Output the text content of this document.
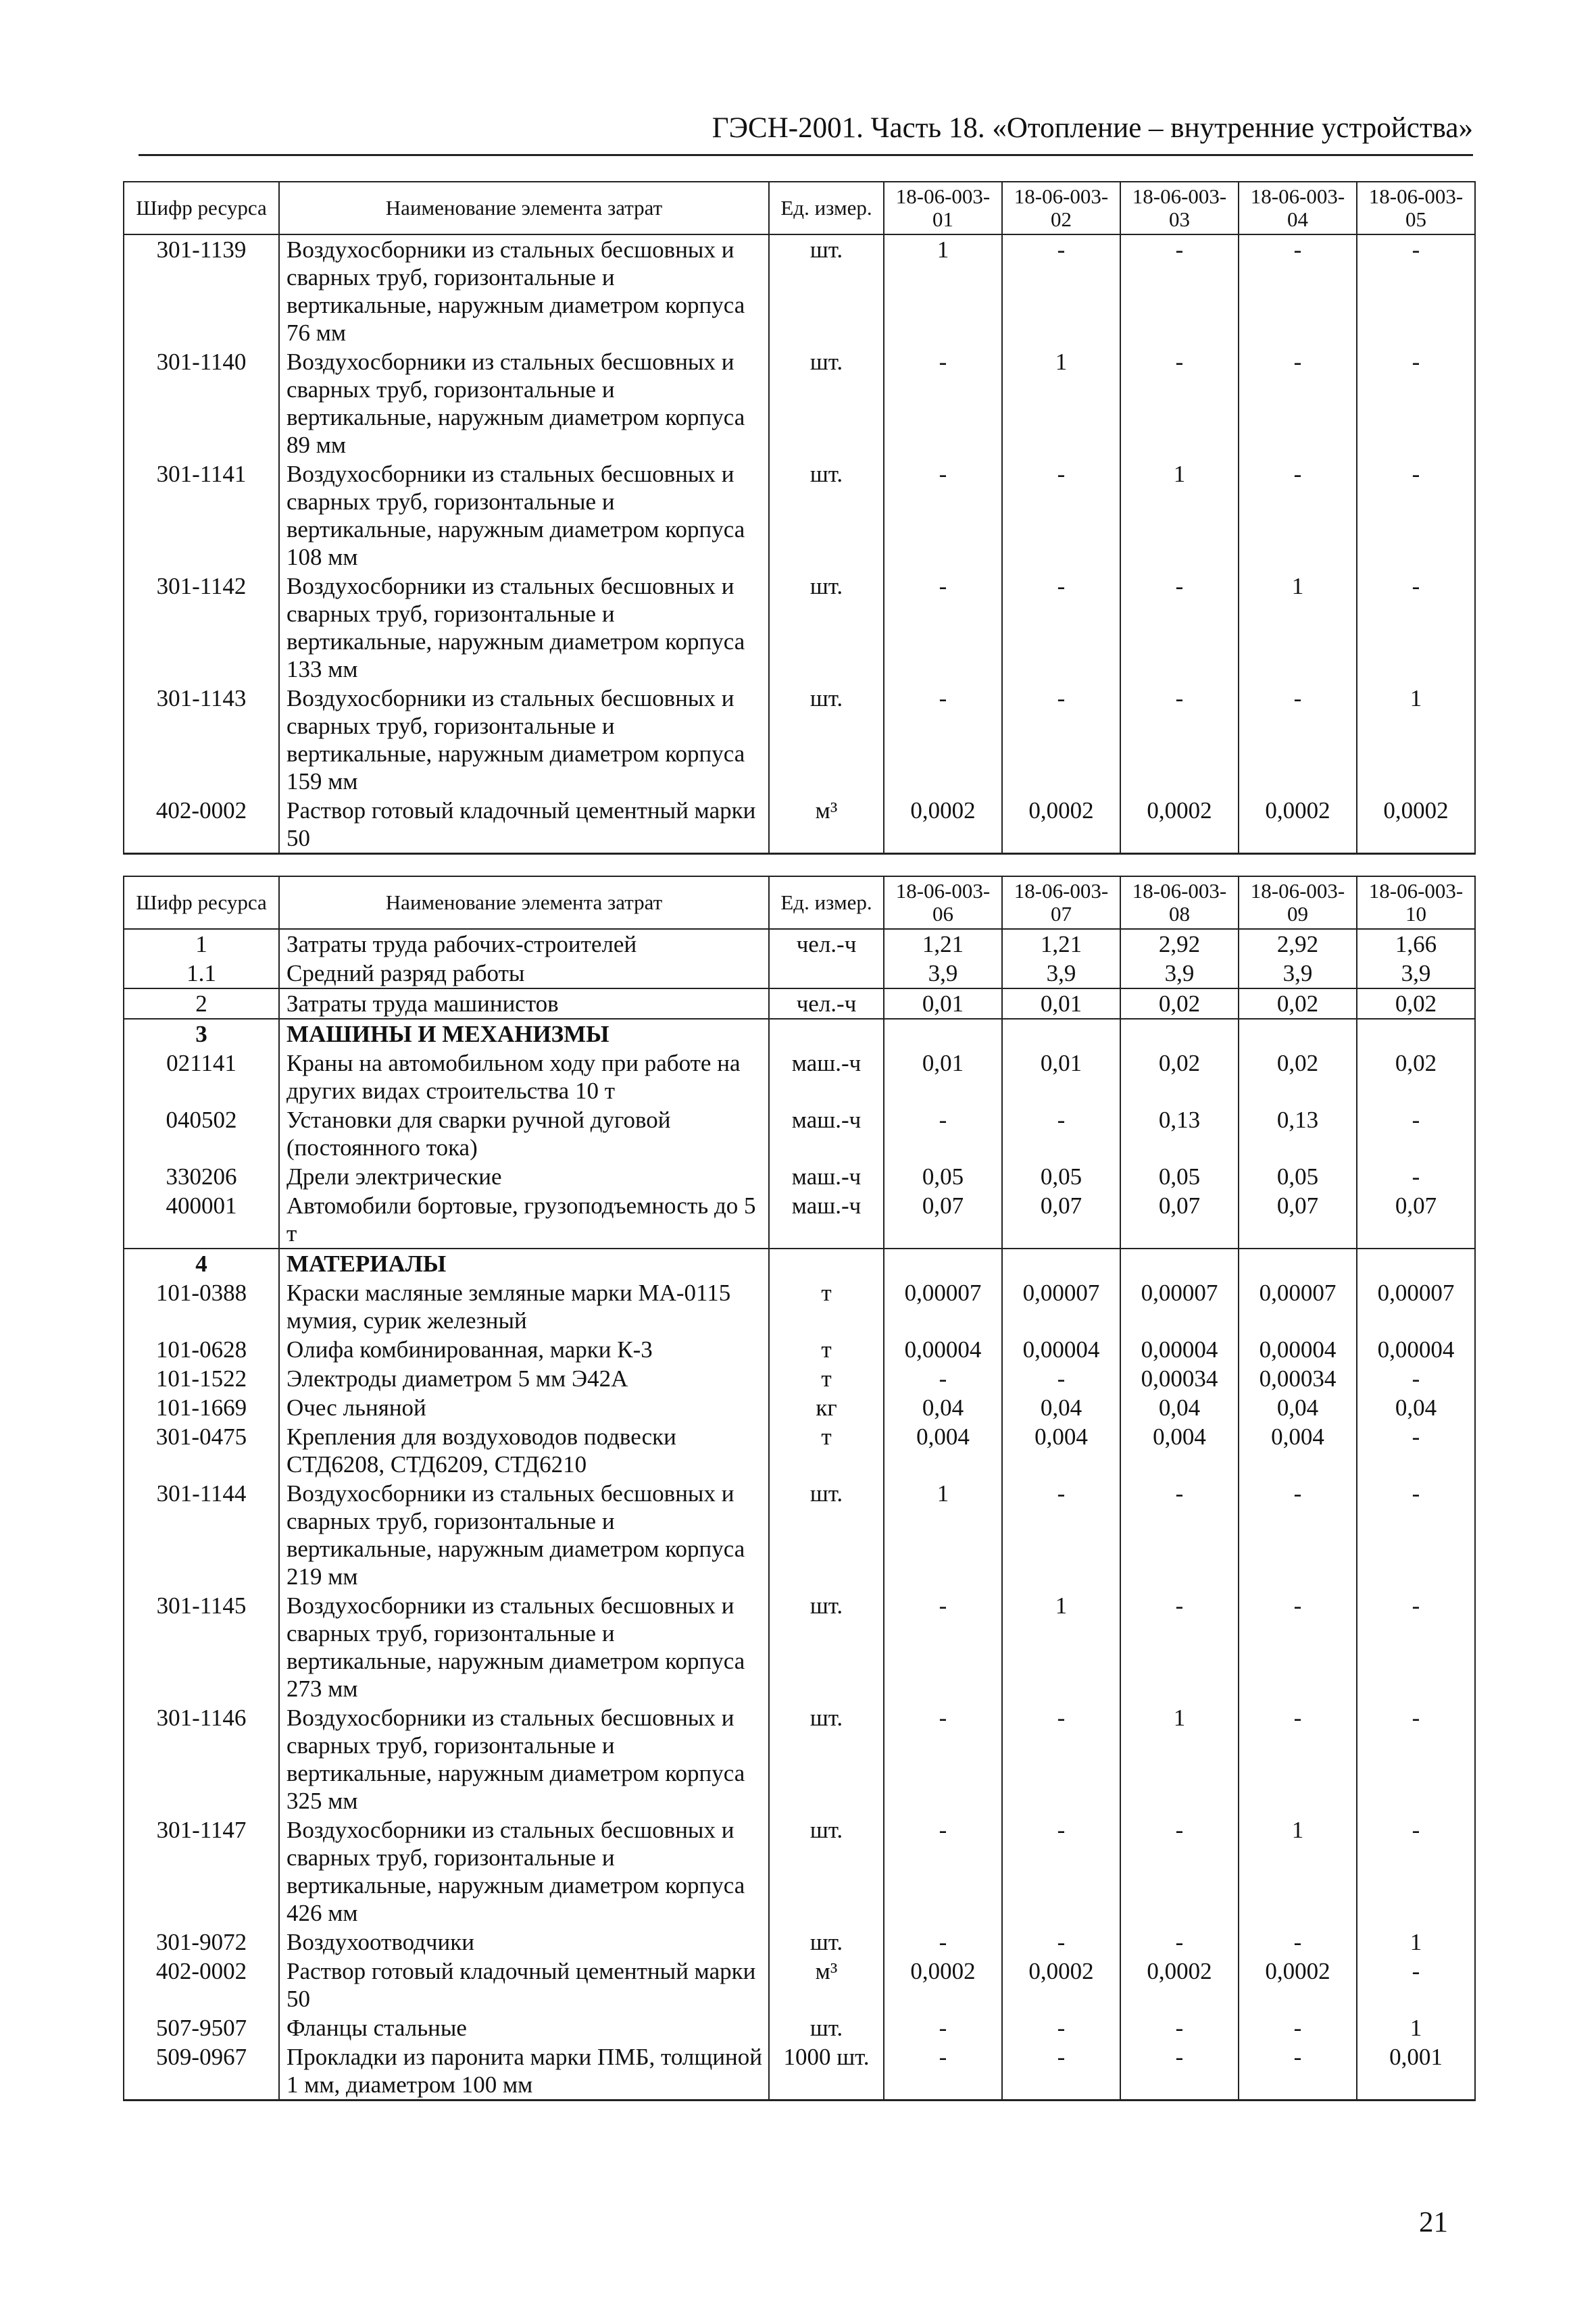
ГЭСН-2001. Часть 18. «Отопление – внутренние устройства»
Шифр ресурса	Наименование элемента затрат	Ед. измер.	18-06-003-01	18-06-003-02	18-06-003-03	18-06-003-04	18-06-003-05
301-1139	Воздухосборники из стальных бесшовных и сварных труб, горизонтальные и вертикальные, наружным диаметром корпуса 76 мм	шт.	1	-	-	-	-
301-1140	Воздухосборники из стальных бесшовных и сварных труб, горизонтальные и вертикальные, наружным диаметром корпуса 89 мм	шт.	-	1	-	-	-
301-1141	Воздухосборники из стальных бесшовных и сварных труб, горизонтальные и вертикальные, наружным диаметром корпуса 108 мм	шт.	-	-	1	-	-
301-1142	Воздухосборники из стальных бесшовных и сварных труб, горизонтальные и вертикальные, наружным диаметром корпуса 133 мм	шт.	-	-	-	1	-
301-1143	Воздухосборники из стальных бесшовных и сварных труб, горизонтальные и вертикальные, наружным диаметром корпуса 159 мм	шт.	-	-	-	-	1
402-0002	Раствор готовый кладочный цементный марки 50	м³	0,0002	0,0002	0,0002	0,0002	0,0002
Шифр ресурса	Наименование элемента затрат	Ед. измер.	18-06-003-06	18-06-003-07	18-06-003-08	18-06-003-09	18-06-003-10
1	Затраты труда рабочих-строителей	чел.-ч	1,21	1,21	2,92	2,92	1,66
1.1	Средний разряд работы		3,9	3,9	3,9	3,9	3,9
2	Затраты труда машинистов	чел.-ч	0,01	0,01	0,02	0,02	0,02
3	МАШИНЫ И МЕХАНИЗМЫ						
021141	Краны на автомобильном ходу при работе на других видах строительства 10 т	маш.-ч	0,01	0,01	0,02	0,02	0,02
040502	Установки для сварки ручной дуговой (постоянного тока)	маш.-ч	-	-	0,13	0,13	-
330206	Дрели электрические	маш.-ч	0,05	0,05	0,05	0,05	-
400001	Автомобили бортовые, грузоподъемность до 5 т	маш.-ч	0,07	0,07	0,07	0,07	0,07
4	МАТЕРИАЛЫ						
101-0388	Краски масляные земляные марки МА-0115 мумия, сурик железный	т	0,00007	0,00007	0,00007	0,00007	0,00007
101-0628	Олифа комбинированная, марки К-3	т	0,00004	0,00004	0,00004	0,00004	0,00004
101-1522	Электроды диаметром 5 мм Э42А	т	-	-	0,00034	0,00034	-
101-1669	Очес льняной	кг	0,04	0,04	0,04	0,04	0,04
301-0475	Крепления для воздуховодов подвески СТД6208, СТД6209, СТД6210	т	0,004	0,004	0,004	0,004	-
301-1144	Воздухосборники из стальных бесшовных и сварных труб, горизонтальные и вертикальные, наружным диаметром корпуса 219 мм	шт.	1	-	-	-	-
301-1145	Воздухосборники из стальных бесшовных и сварных труб, горизонтальные и вертикальные, наружным диаметром корпуса 273 мм	шт.	-	1	-	-	-
301-1146	Воздухосборники из стальных бесшовных и сварных труб, горизонтальные и вертикальные, наружным диаметром корпуса 325 мм	шт.	-	-	1	-	-
301-1147	Воздухосборники из стальных бесшовных и сварных труб, горизонтальные и вертикальные, наружным диаметром корпуса 426 мм	шт.	-	-	-	1	-
301-9072	Воздухоотводчики	шт.	-	-	-	-	1
402-0002	Раствор готовый кладочный цементный марки 50	м³	0,0002	0,0002	0,0002	0,0002	-
507-9507	Фланцы стальные	шт.	-	-	-	-	1
509-0967	Прокладки из паронита марки ПМБ, толщиной 1 мм, диаметром 100 мм	1000 шт.	-	-	-	-	0,001
21
